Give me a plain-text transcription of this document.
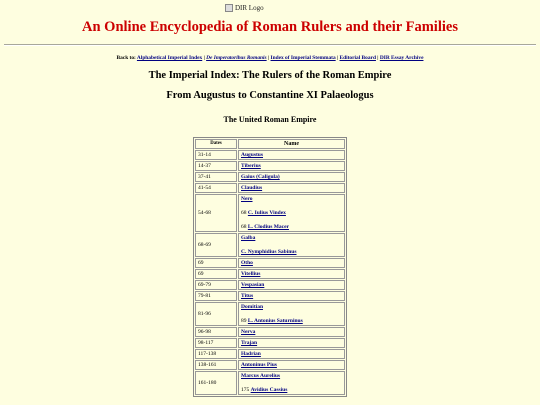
DIR Logo
An Online Encyclopedia of Roman Rulers and their Families
Back to: Alphabetical Imperial Index | De Imperatoribus Romanis | Index of Imperial Stemmata | Editorial Board | DIR Essay Archive
The Imperial Index: The Rulers of the Roman Empire
From Augustus to Constantine XI Palaeologus
The United Roman Empire
Dates	Name
31-14	Augustus

14-37	Tiberius

37-41	Gaius (Caligula)

41-54	Claudius

54-68	Nero
68 C. Iulius Vindex
68 L. Clodius Macer

68-69	Galba
C. Nymphidius Sabinus

69	Otho

69	Vitellius

69-79	Vespasian

79-81	Titus

81-96	Domitian
89 L. Antonius Saturninus

96-98	Nerva

98-117	Trajan

117-138	Hadrian

138-161	Antoninus Pius

161-180	Marcus Aurelius
175 Avidius Cassius
